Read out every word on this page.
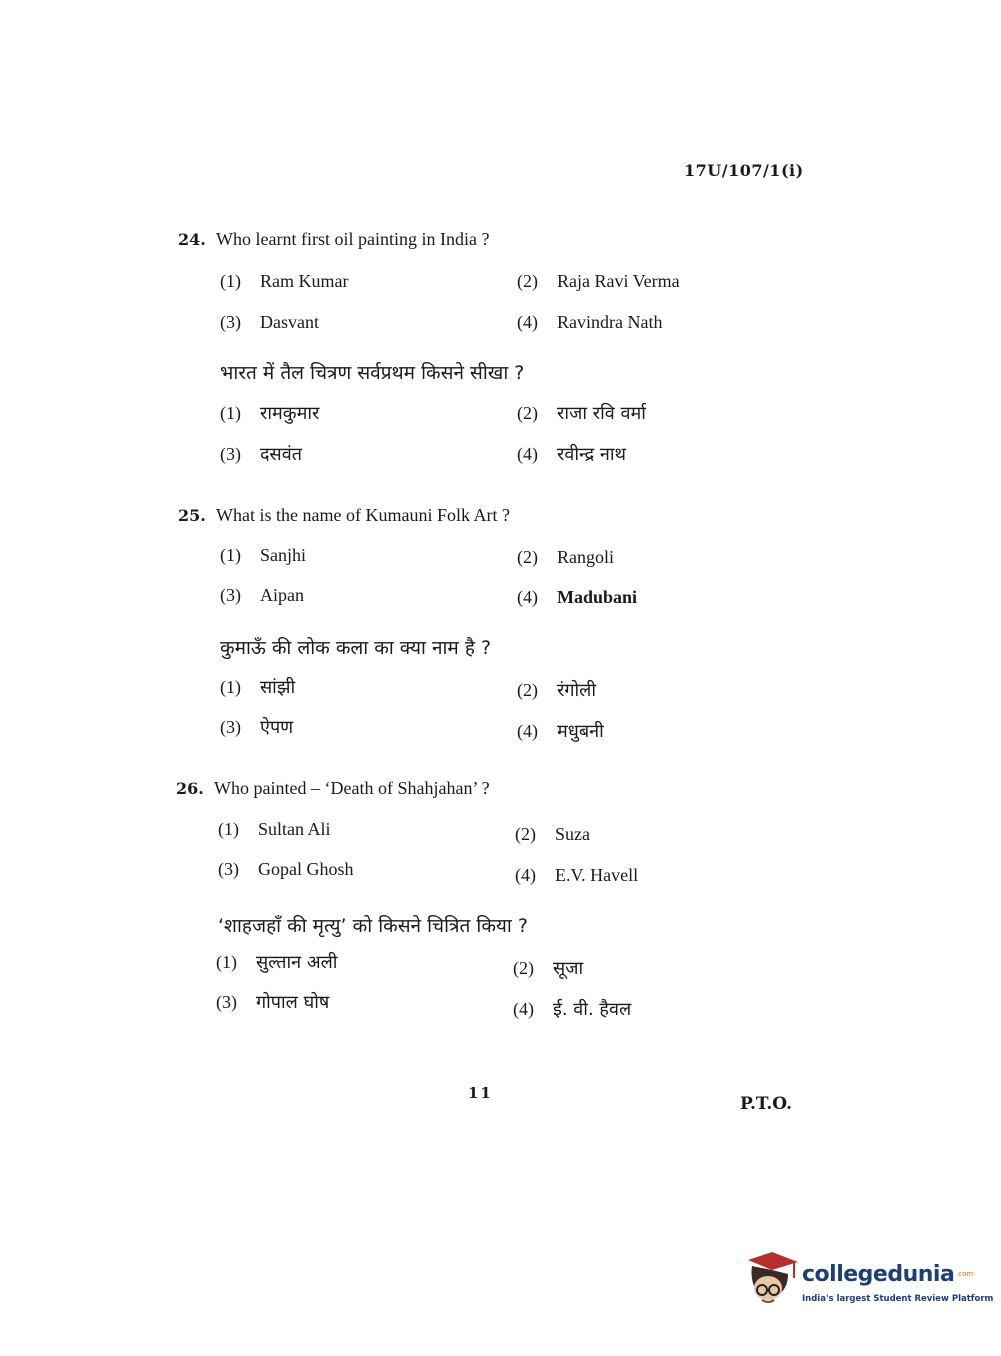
17U/107/1(i)
24. Who learnt first oil painting in India ?
(1) Ram Kumar	(2) Raja Ravi Verma
(3) Dasvant	(4) Ravindra Nath
भारत में तैल चित्रण सर्वप्रथम किसने सीखा ?
(1) रामकुमार	(2) राजा रवि वर्मा
(3) दसवंत	(4) रवीन्द्र नाथ
25. What is the name of Kumauni Folk Art ?
(1) Sanjhi	(2) Rangoli
(3) Aipan	(4) Madubani
कुमाऊँ की लोक कला का क्या नाम है ?
(1) सांझी	(2) रंगोली
(3) ऐपण	(4) मधुबनी
26. Who painted – ‘Death of Shahjahan’ ?
(1) Sultan Ali	(2) Suza
(3) Gopal Ghosh	(4) E.V. Havell
‘शाहजहाँ की मृत्यु’ को किसने चित्रित किया ?
(1) सुल्तान अली	(2) सूजा
(3) गोपाल घोष	(4) ई. वी. हैवल
11
P.T.O.
collegedunia .com
India's largest Student Review Platform
